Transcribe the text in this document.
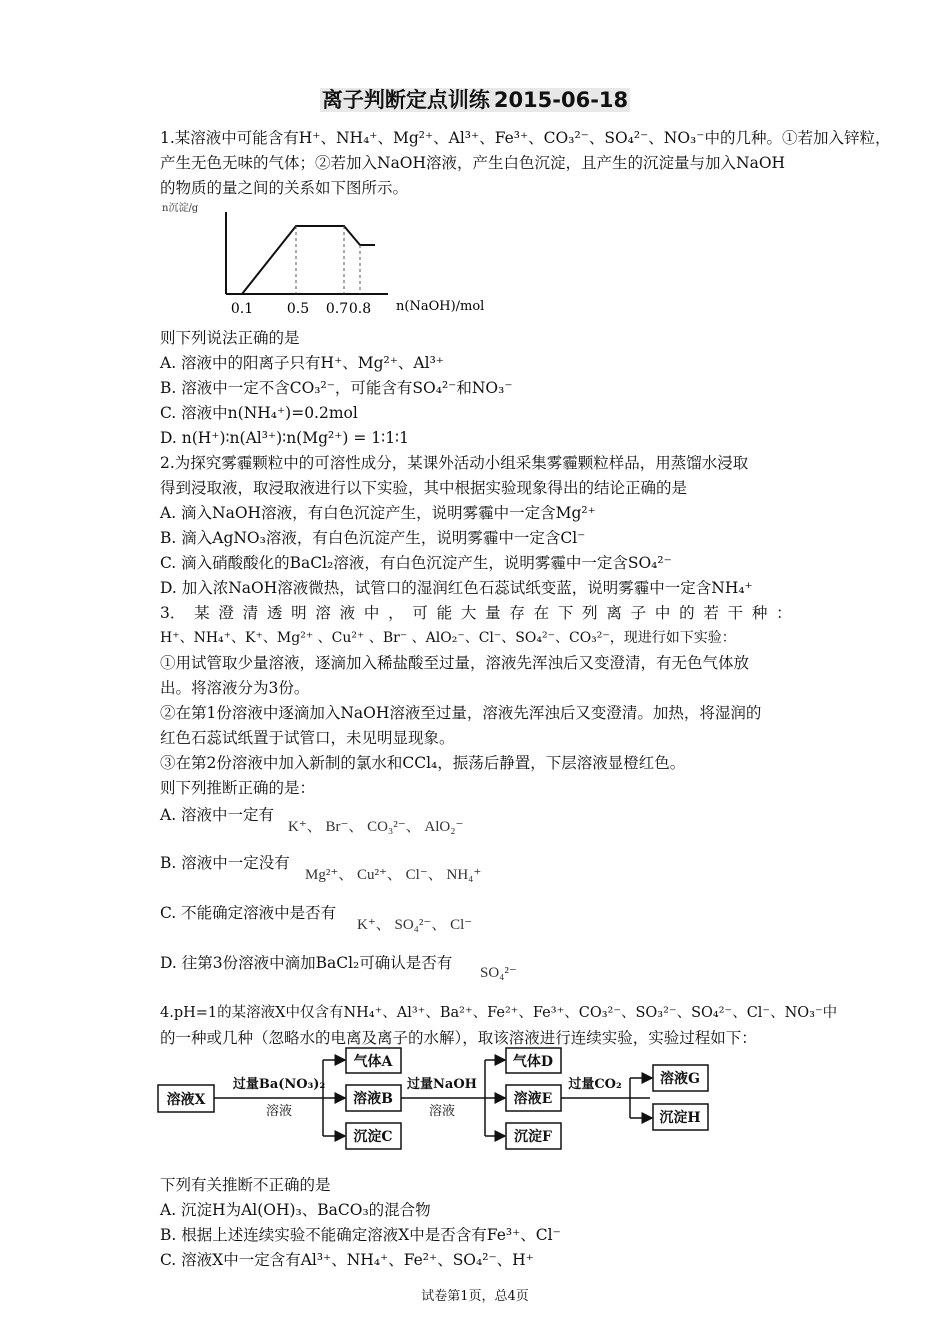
离子判断定点训练 2015-06-18
1.某溶液中可能含有H⁺、NH₄⁺、Mg²⁺、Al³⁺、Fe³⁺、CO₃²⁻、SO₄²⁻、NO₃⁻中的几种。①若加入锌粒，
产生无色无味的气体；②若加入NaOH溶液，产生白色沉淀，且产生的沉淀量与加入NaOH
的物质的量之间的关系如下图所示。
n沉淀/g
0.1 0.5 0.7 0.8 n(NaOH)/mol
则下列说法正确的是
A. 溶液中的阳离子只有H⁺、Mg²⁺、Al³⁺
B. 溶液中一定不含CO₃²⁻，可能含有SO₄²⁻和NO₃⁻
C. 溶液中n(NH₄⁺)=0.2mol
D. n(H⁺)∶n(Al³⁺)∶n(Mg²⁺) = 1∶1∶1
2.为探究雾霾颗粒中的可溶性成分，某课外活动小组采集雾霾颗粒样品，用蒸馏水浸取
得到浸取液，取浸取液进行以下实验，其中根据实验现象得出的结论正确的是
A. 滴入NaOH溶液，有白色沉淀产生，说明雾霾中一定含Mg²⁺
B. 滴入AgNO₃溶液，有白色沉淀产生，说明雾霾中一定含Cl⁻
C. 滴入硝酸酸化的BaCl₂溶液，有白色沉淀产生，说明雾霾中一定含SO₄²⁻
D. 加入浓NaOH溶液微热，试管口的湿润红色石蕊试纸变蓝，说明雾霾中一定含NH₄⁺
3． 某 澄 清 透 明 溶 液 中 ， 可 能 大 量 存 在 下 列 离 子 中 的 若 干 种 ：
H⁺、NH₄⁺、K⁺、Mg²⁺ 、Cu²⁺ 、Br⁻ 、AlO₂⁻、Cl⁻、SO₄²⁻、CO₃²⁻，现进行如下实验：
①用试管取少量溶液，逐滴加入稀盐酸至过量，溶液先浑浊后又变澄清，有无色气体放
出。将溶液分为3份。
②在第1份溶液中逐滴加入NaOH溶液至过量，溶液先浑浊后又变澄清。加热，将湿润的
红色石蕊试纸置于试管口，未见明显现象。
③在第2份溶液中加入新制的氯水和CCl₄，振荡后静置，下层溶液显橙红色。
则下列推断正确的是：
A. 溶液中一定有
K⁺、 Br⁻、 CO₃²⁻、 AlO₂⁻
B. 溶液中一定没有
Mg²⁺、 Cu²⁺、 Cl⁻、 NH₄⁺
C. 不能确定溶液中是否有
K⁺、 SO₄²⁻、 Cl⁻
D. 往第3份溶液中滴加BaCl₂可确认是否有
SO₄²⁻
4.pH=1的某溶液X中仅含有NH₄⁺、Al³⁺、Ba²⁺、Fe²⁺、Fe³⁺、CO₃²⁻、SO₃²⁻、SO₄²⁻、Cl⁻、NO₃⁻中
的一种或几种（忽略水的电离及离子的水解），取该溶液进行连续实验，实验过程如下：
溶液X
过量Ba(NO₃)₂
溶液
气体A
溶液B
沉淀C
过量NaOH
溶液
气体D
溶液E
沉淀F
过量CO₂	溶液G
沉淀H
下列有关推断不正确的是
A. 沉淀H为Al(OH)₃、BaCO₃的混合物
B. 根据上述连续实验不能确定溶液X中是否含有Fe³⁺、Cl⁻
C. 溶液X中一定含有Al³⁺、NH₄⁺、Fe²⁺、SO₄²⁻、H⁺
试卷第1页，总4页
